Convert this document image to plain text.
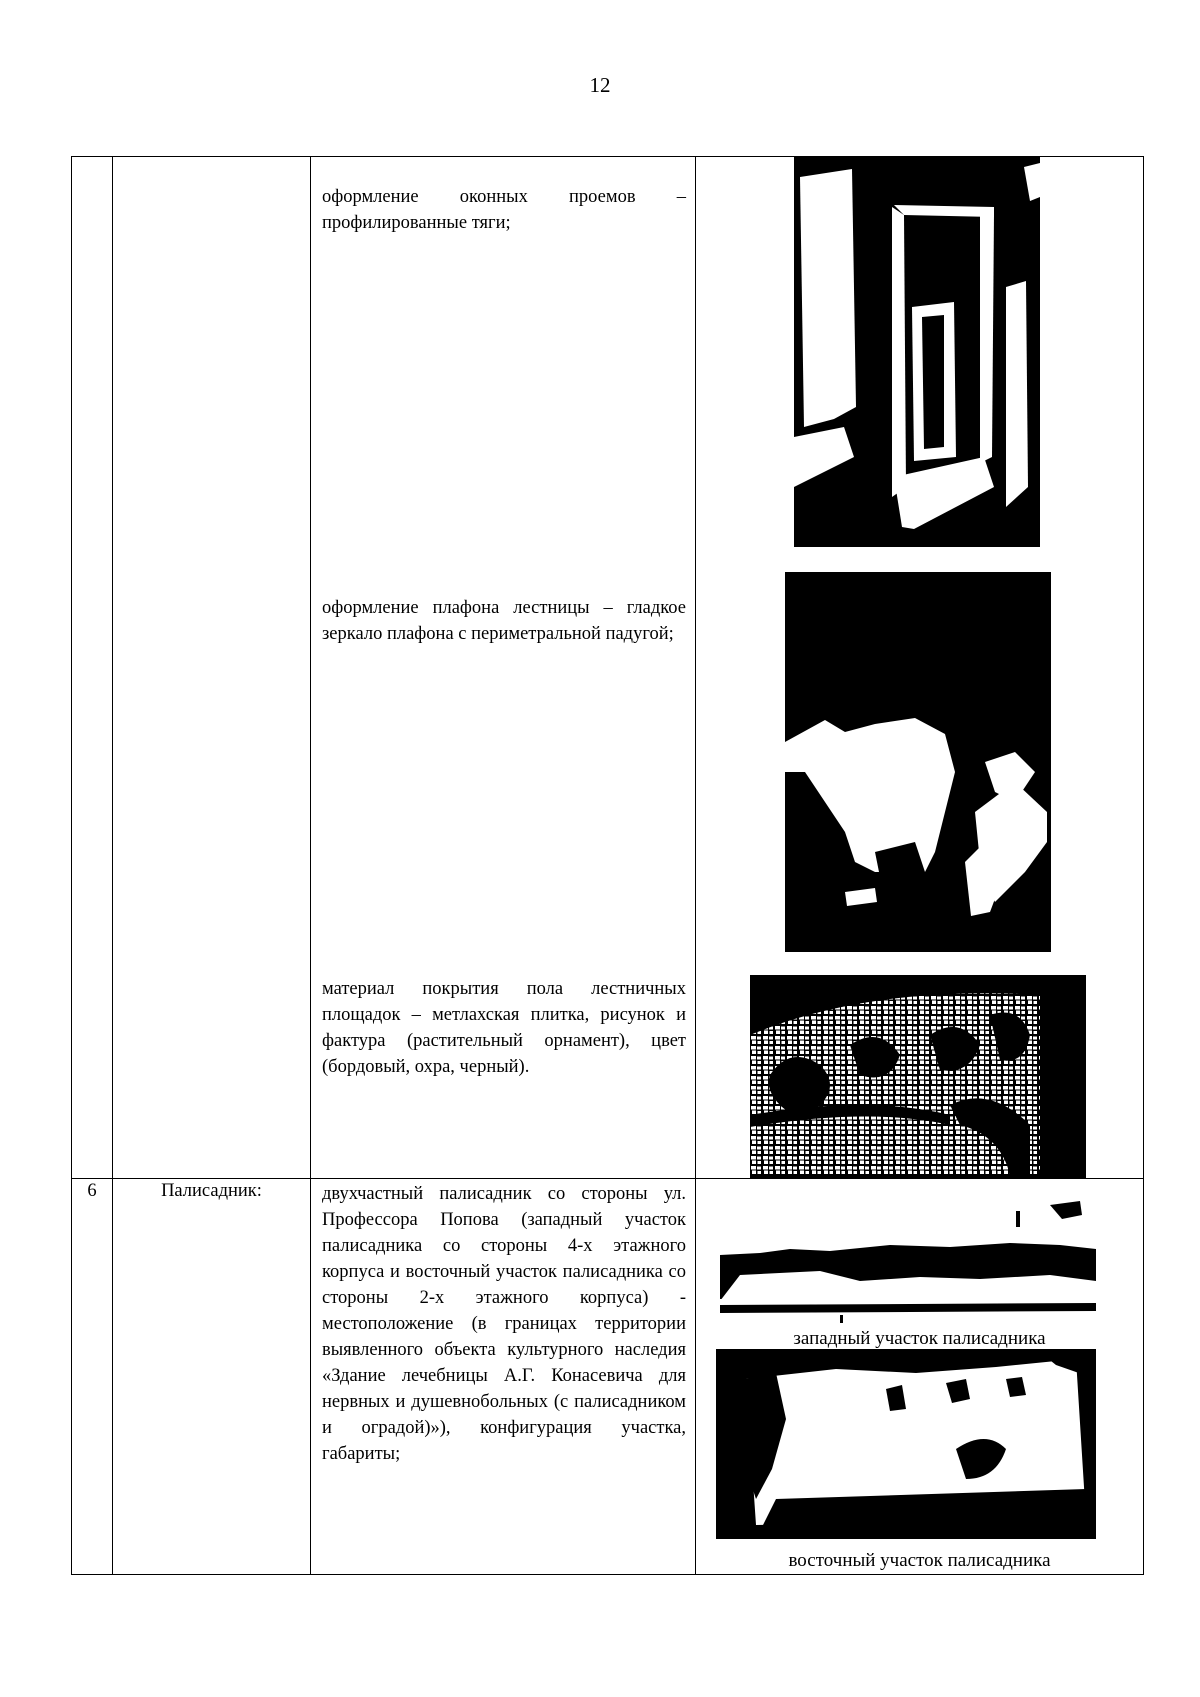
12

		оформление оконных проемов – профилированные тяги;
оформление плафона лестницы – гладкое зеркало плафона с периметральной падугой;
материал покрытия пола лестничных площадок – метлахская плитка, рисунок и фактура (растительный орнамент), цвет (бордовый, охра, черный).

6	Палисадник:	двухчастный палисадник со стороны ул. Профессора Попова (западный участок палисадника со стороны 4-х этажного корпуса и восточный участок палисадника со стороны 2-х этажного корпуса) - местоположение (в границах территории выявленного объекта культурного наследия «Здание лечебницы А.Г. Конасевича для нервных и душевнобольных (с палисадником и оградой)»), конфигурация участка, габариты;	западный участок палисадника
восточный участок палисадника
